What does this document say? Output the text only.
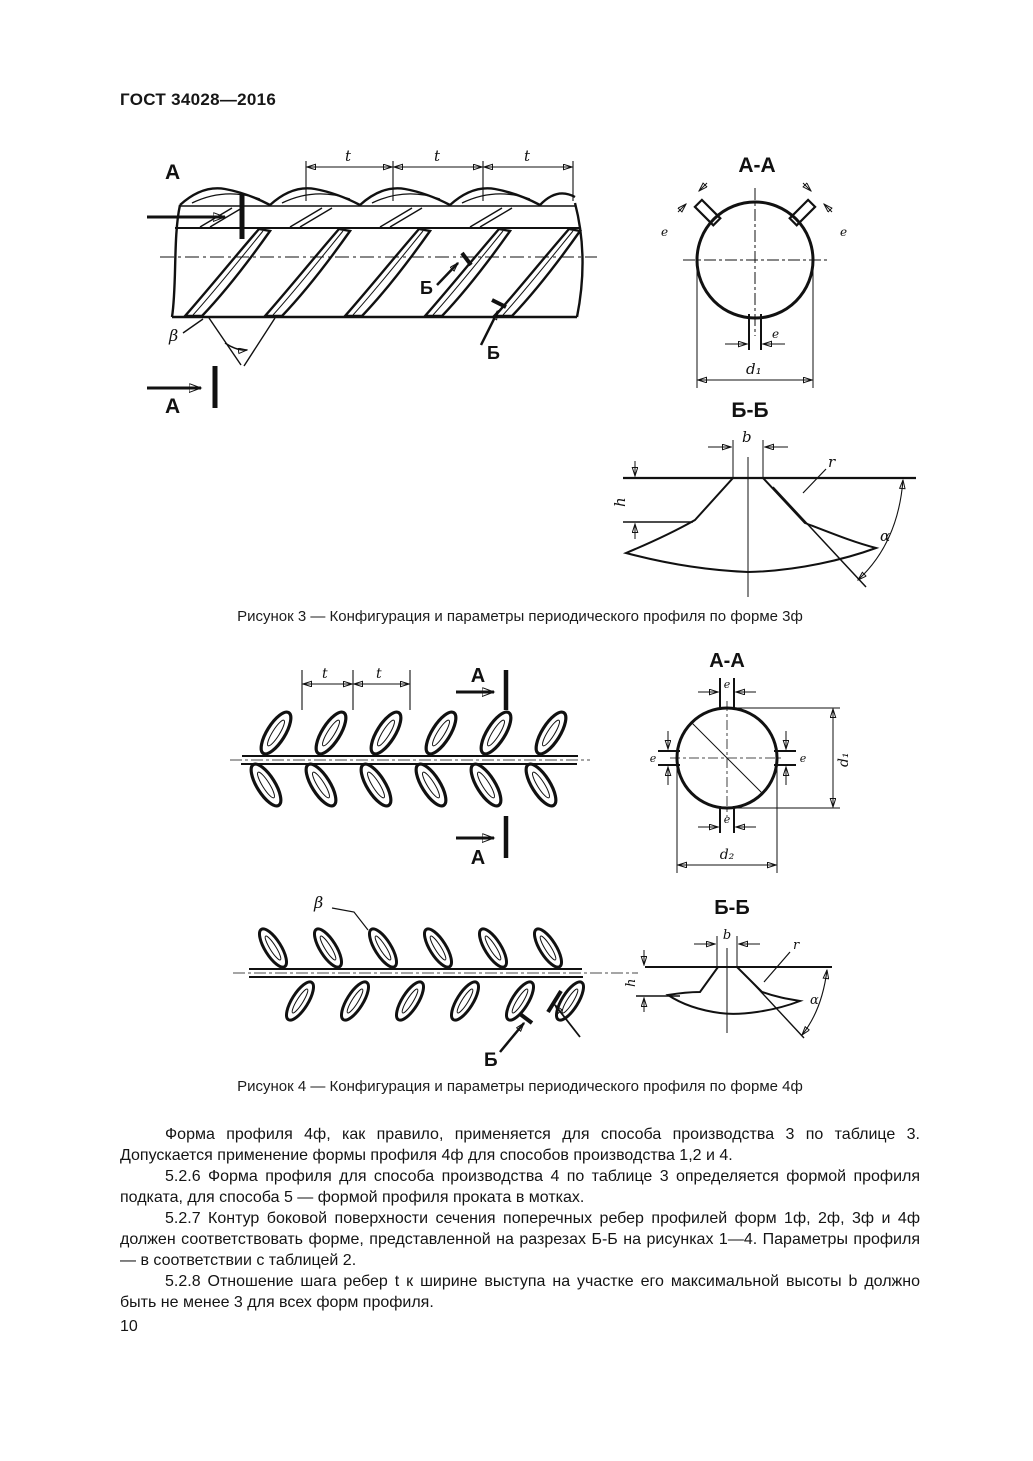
ГОСТ 34028—2016
А
t	t	t
Б
Б
β
А
А-А
e	e
e
d₁
Б-Б
b
h
r
α
Рисунок 3 — Конфигурация и параметры периодического профиля по форме 3ф
t	t	А
А
А-А
e
e	e
e
d₁
d₂
β
Б
Б-Б
b
h
r
α
Рисунок 4 — Конфигурация и параметры периодического профиля по форме 4ф

Форма профиля 4ф, как правило, применяется для способа производства 3 по таблице 3. Допускается применение формы профиля 4ф для способов производства 1,2 и 4.

5.2.6 Форма профиля для способа производства 4 по таблице 3 определяется формой профиля подката, для способа 5 — формой профиля проката в мотках.

5.2.7 Контур боковой поверхности сечения поперечных ребер профилей форм 1ф, 2ф, 3ф и 4ф должен соответствовать форме, представленной на разрезах Б-Б на рисунках 1—4. Параметры профиля — в соответствии с таблицей 2.

5.2.8 Отношение шага ребер t к ширине выступа на участке его максимальной высоты b должно быть не менее 3 для всех форм профиля.

10
